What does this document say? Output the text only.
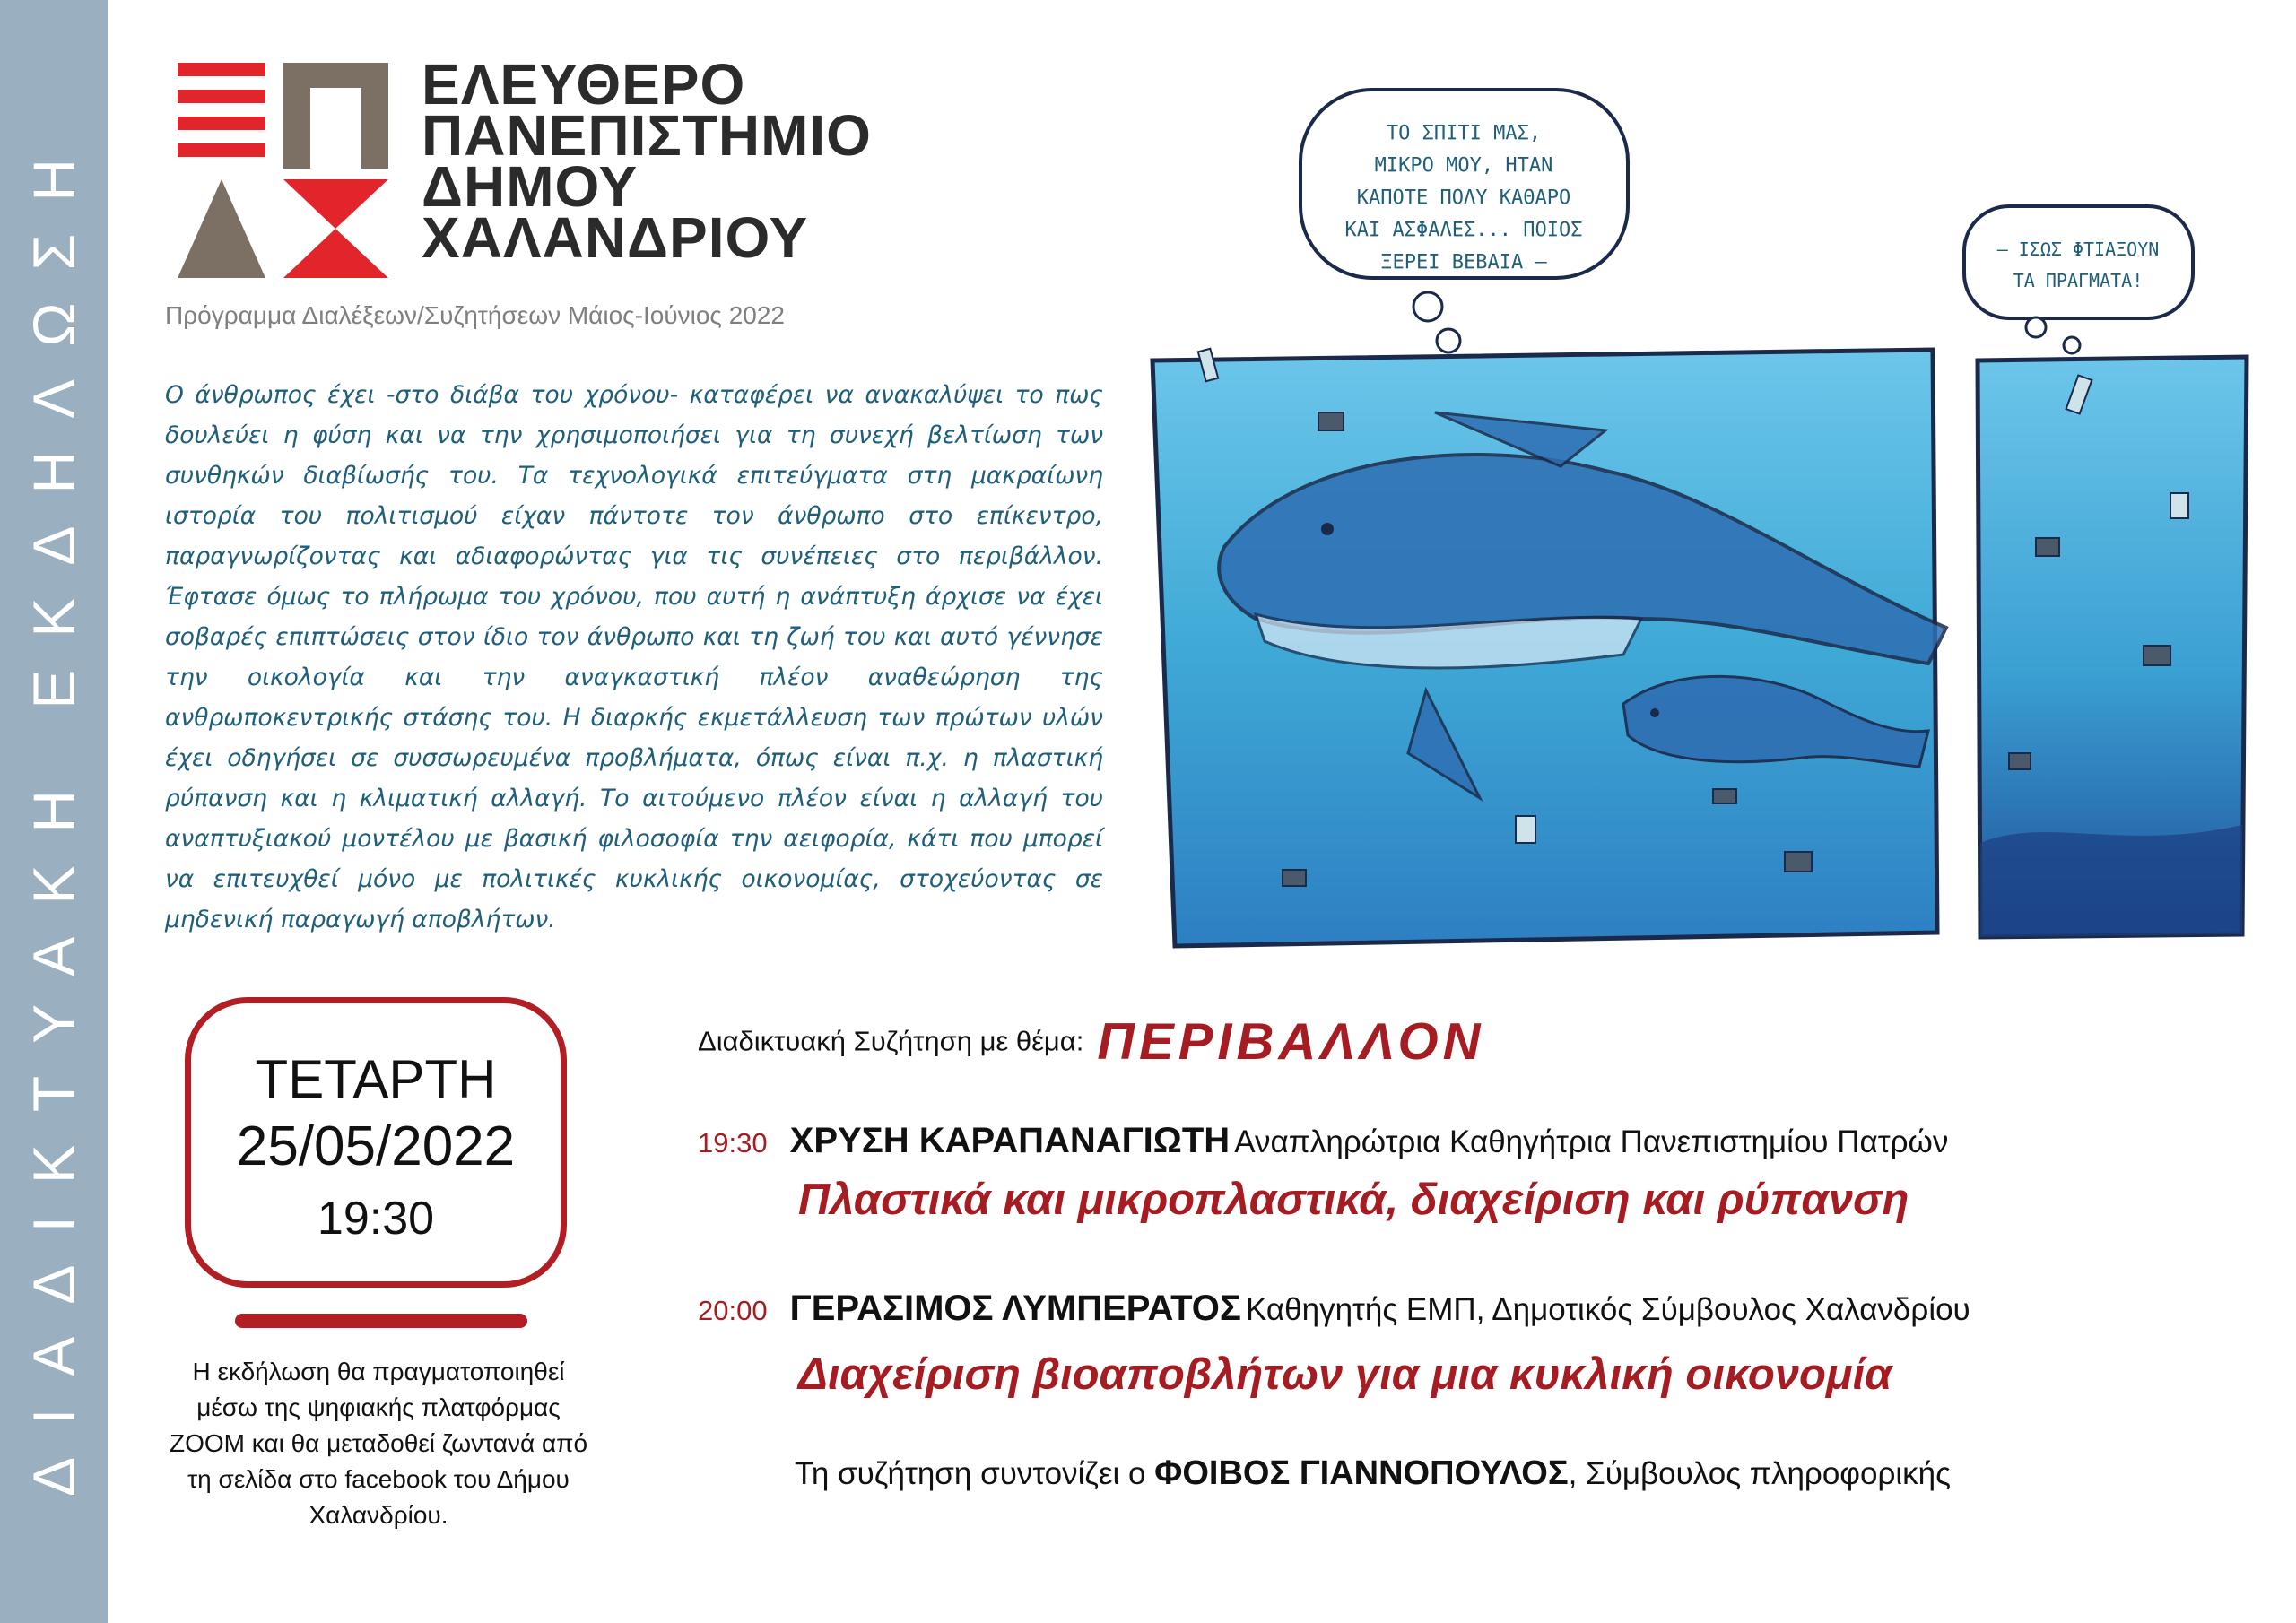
ΔΙΑΔΙΚΤΥΑΚΗ ΕΚΔΗΛΩΣΗ
ΕΛΕΥΘΕΡΟ
ΠΑΝΕΠΙΣΤΗΜΙΟ
ΔΗΜΟΥ
ΧΑΛΑΝΔΡΙΟΥ
Πρόγραμμα Διαλέξεων/Συζητήσεων Μάιος-Ιούνιος 2022
Ο άνθρωπος έχει -στο διάβα του χρόνου- καταφέρει να ανακαλύψει το πως δουλεύει η φύση και να την χρησιμοποιήσει για τη συνεχή βελτίωση των συνθηκών διαβίωσής του. Τα τεχνολογικά επιτεύγματα στη μακραίωνη ιστορία του πολιτισμού είχαν πάντοτε τον άνθρωπο στο επίκεντρο, παραγνωρίζοντας και αδιαφορώντας για τις συνέπειες στο περιβάλλον. Έφτασε όμως το πλήρωμα του χρόνου, που αυτή η ανάπτυξη άρχισε να έχει σοβαρές επιπτώσεις στον ίδιο τον άνθρωπο και τη ζωή του και αυτό γέννησε την οικολογία και την αναγκαστική πλέον αναθεώρηση της ανθρωποκεντρικής στάσης του. Η διαρκής εκμετάλλευση των πρώτων υλών έχει οδηγήσει σε συσσωρευμένα προβλήματα, όπως είναι π.χ. η πλαστική ρύπανση και η κλιματική αλλαγή. Το αιτούμενο πλέον είναι η αλλαγή του αναπτυξιακού μοντέλου με βασική φιλοσοφία την αειφορία, κάτι που μπορεί να επιτευχθεί μόνο με πολιτικές κυκλικής οικονομίας, στοχεύοντας σε μηδενική παραγωγή αποβλήτων.
ΤΟ ΣΠΙΤΙ ΜΑΣ,
ΜΙΚΡΟ ΜΟΥ, ΗΤΑΝ
ΚΑΠΟΤΕ ΠΟΛΥ ΚΑΘΑΡΟ
ΚΑΙ ΑΣΦΑΛΕΣ... ΠΟΙΟΣ
ΞΕΡΕΙ ΒΕΒΑΙΑ –
– ΙΣΩΣ ΦΤΙΑΞΟΥΝ
ΤΑ ΠΡΑΓΜΑΤΑ!
ΤΕΤΑΡΤΗ
25/05/2022
19:30
Η εκδήλωση θα πραγματοποιηθεί μέσω της ψηφιακής πλατφόρμας ZOOM και θα μεταδοθεί ζωντανά από τη σελίδα στο facebook του Δήμου Χαλανδρίου.
Διαδικτυακή Συζήτηση με θέμα: ΠΕΡΙΒΑΛΛΟΝ
19:30 ΧΡΥΣΗ ΚΑΡΑΠΑΝΑΓΙΩΤΗ Αναπληρώτρια Καθηγήτρια Πανεπιστημίου Πατρών
Πλαστικά και μικροπλαστικά, διαχείριση και ρύπανση
20:00 ΓΕΡΑΣΙΜΟΣ ΛΥΜΠΕΡΑΤΟΣ Καθηγητής ΕΜΠ, Δημοτικός Σύμβουλος Χαλανδρίου
Διαχείριση βιοαποβλήτων για μια κυκλική οικονομία
Τη συζήτηση συντονίζει ο ΦΟΙΒΟΣ ΓΙΑΝΝΟΠΟΥΛΟΣ, Σύμβουλος πληροφορικής
